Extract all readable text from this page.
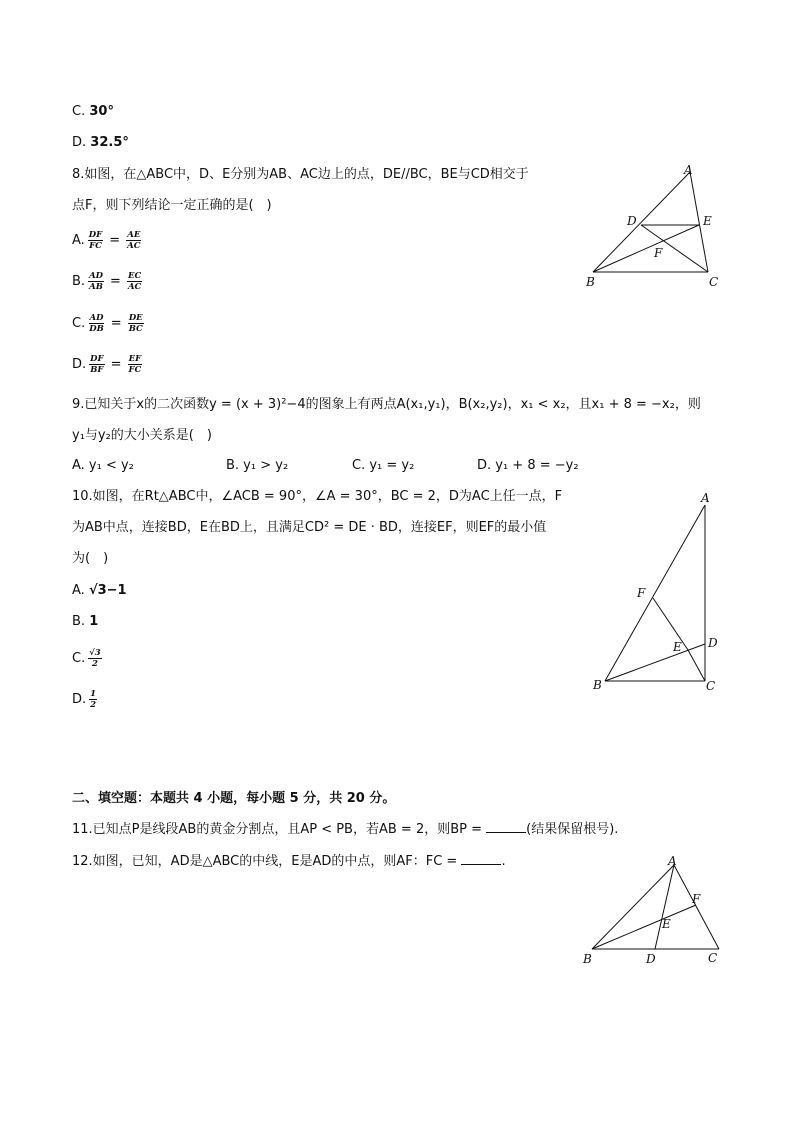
C. 30°
D. 32.5°
8.如图，在△ABC中，D、E分别为AB、AC边上的点，DE//BC，BE与CD相交于
点F，则下列结论一定正确的是(　)
A. $\frac{DF}{FC} = \frac{AE}{AC}$
B. $\frac{AD}{AB} = \frac{EC}{AC}$
C. $\frac{AD}{DB} = \frac{DE}{BC}$
D. $\frac{DF}{BF} = \frac{EF}{FC}$
A
B	C
D	E
F
9.已知关于x的二次函数y = (x + 3)²−4的图象上有两点A(x₁,y₁)，B(x₂,y₂)，x₁ < x₂，且x₁ + 8 = −x₂，则
y₁与y₂的大小关系是(　)
A. y₁ < y₂	B. y₁ > y₂	C. y₁ = y₂	D. y₁ + 8 = −y₂
10.如图，在Rt△ABC中，∠ACB = 90°，∠A = 30°，BC = 2，D为AC上任一点，F
为AB中点，连接BD，E在BD上，且满足CD² = DE · BD，连接EF，则EF的最小值
为(　)
A. √3−1
B. 1
C. $\frac{√3}{2}$
D. $\frac{1}{2}$
A
B	C
D
E
F
二、填空题：本题共 4 小题，每小题 5 分，共 20 分。
11.已知点P是线段AB的黄金分割点，且AP < PB，若AB = 2，则BP =	(结果保留根号).
12.如图，已知，AD是△ABC的中线，E是AD的中点，则AF：FC =	.	A
B	C
D
E
F
